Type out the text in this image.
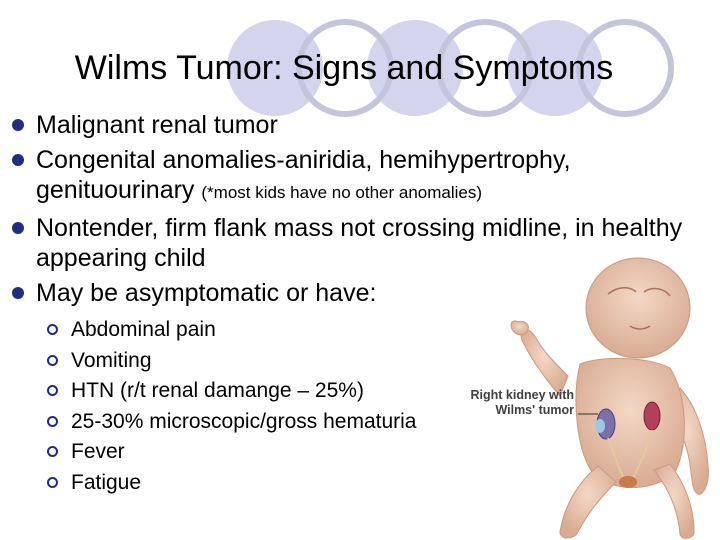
Wilms Tumor: Signs and Symptoms
Malignant renal tumor
Congenital anomalies-aniridia, hemihypertrophy, genituourinary (*most kids have no other anomalies)
Nontender, firm flank mass not crossing midline, in healthy appearing child
May be asymptomatic or have:
Abdominal pain
Vomiting
HTN (r/t renal damange – 25%)
25-30% microscopic/gross hematuria
Fever
Fatigue
Right kidney with
Wilms' tumor
